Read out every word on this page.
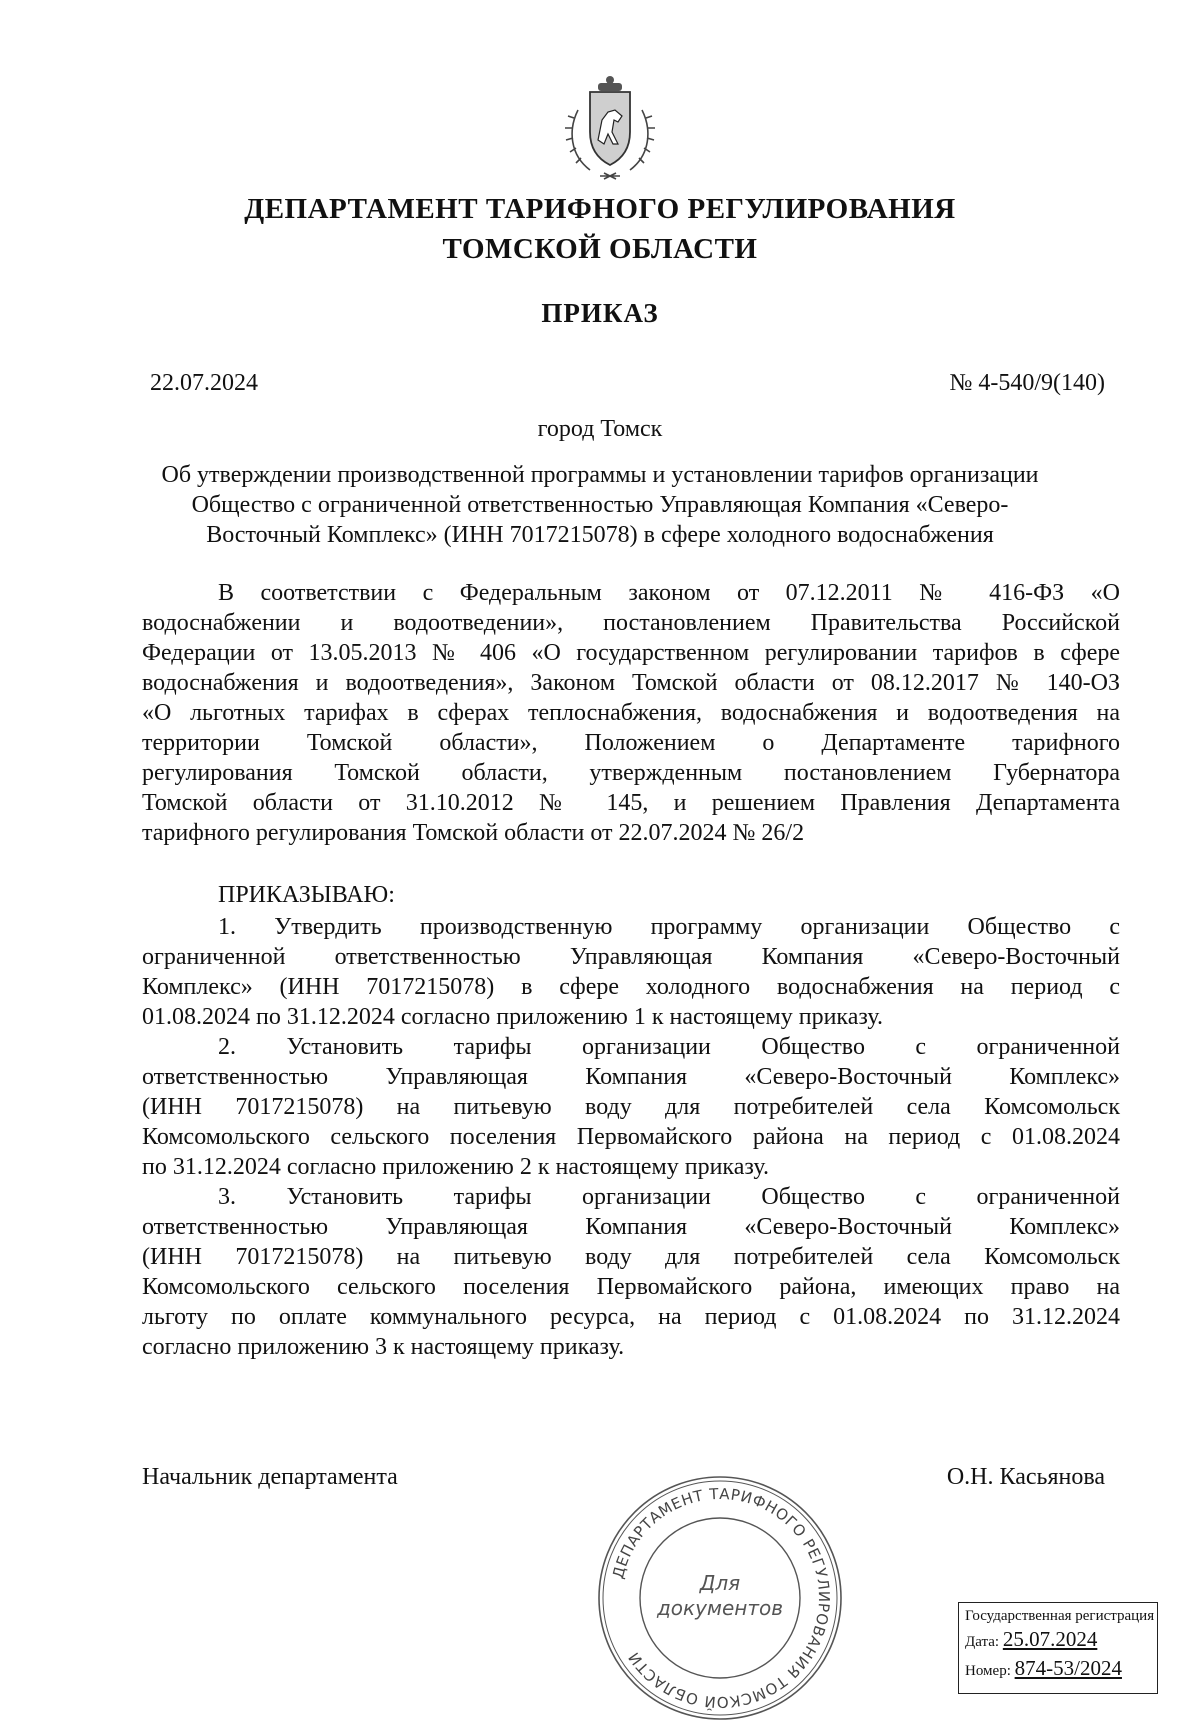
ДЕПАРТАМЕНТ ТАРИФНОГО РЕГУЛИРОВАНИЯ
ТОМСКОЙ ОБЛАСТИ
ПРИКАЗ
22.07.2024	№ 4-540/9(140)
город Томск
Об утверждении производственной программы и установлении тарифов организации
Общество с ограниченной ответственностью Управляющая Компания «Северо-
Восточный Комплекс» (ИНН 7017215078) в сфере холодного водоснабжения
В соответствии с Федеральным законом от 07.12.2011 № 416-ФЗ «О
водоснабжении и водоотведении», постановлением Правительства Российской
Федерации от 13.05.2013 № 406 «О государственном регулировании тарифов в сфере
водоснабжения и водоотведения», Законом Томской области от 08.12.2017 № 140-ОЗ
«О льготных тарифах в сферах теплоснабжения, водоснабжения и водоотведения на
территории Томской области», Положением о Департаменте тарифного
регулирования Томской области, утвержденным постановлением Губернатора
Томской области от 31.10.2012 № 145, и решением Правления Департамента
тарифного регулирования Томской области от 22.07.2024 № 26/2
ПРИКАЗЫВАЮ:
1. Утвердить производственную программу организации Общество с
ограниченной ответственностью Управляющая Компания «Северо-Восточный
Комплекс» (ИНН 7017215078) в сфере холодного водоснабжения на период с
01.08.2024 по 31.12.2024 согласно приложению 1 к настоящему приказу.
2. Установить тарифы организации Общество с ограниченной
ответственностью Управляющая Компания «Северо-Восточный Комплекс»
(ИНН 7017215078) на питьевую воду для потребителей села Комсомольск
Комсомольского сельского поселения Первомайского района на период с 01.08.2024
по 31.12.2024 согласно приложению 2 к настоящему приказу.
3. Установить тарифы организации Общество с ограниченной
ответственностью Управляющая Компания «Северо-Восточный Комплекс»
(ИНН 7017215078) на питьевую воду для потребителей села Комсомольск
Комсомольского сельского поселения Первомайского района, имеющих право на
льготу по оплате коммунального ресурса, на период с 01.08.2024 по 31.12.2024
согласно приложению 3 к настоящему приказу.
Начальник департамента	О.Н. Касьянова
ДЕПАРТАМЕНТ ТАРИФНОГО РЕГУЛИРОВАНИЯ ТОМСКОЙ ОБЛАСТИ
Для
документов	Государственная регистрация
Дата: 25.07.2024
Номер: 874-53/2024
